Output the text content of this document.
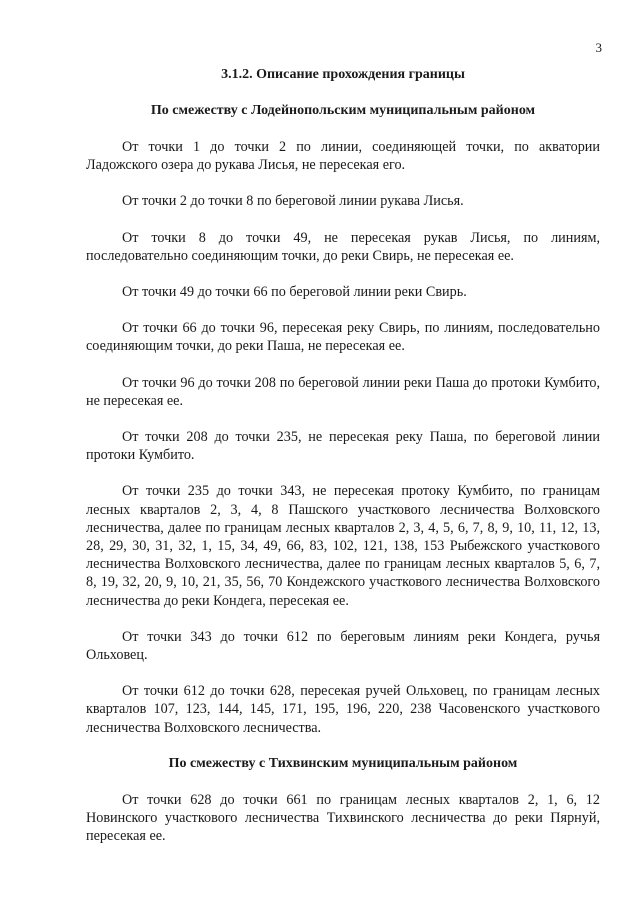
3
3.1.2. Описание прохождения границы
По смежеству с Лодейнопольским муниципальным районом

От точки 1 до точки 2 по линии, соединяющей точки, по акватории Ладожского озера до рукава Лисья, не пересекая его.

От точки 2 до точки 8 по береговой линии рукава Лисья.

От точки 8 до точки 49, не пересекая рукав Лисья, по линиям, последовательно соединяющим точки, до реки Свирь, не пересекая ее.

От точки 49 до точки 66 по береговой линии реки Свирь.

От точки 66 до точки 96, пересекая реку Свирь, по линиям, последовательно соединяющим точки, до реки Паша, не пересекая ее.

От точки 96 до точки 208 по береговой линии реки Паша до протоки Кумбито, не пересекая ее.

От точки 208 до точки 235, не пересекая реку Паша, по береговой линии протоки Кумбито.

От точки 235 до точки 343, не пересекая протоку Кумбито, по границам лесных кварталов 2, 3, 4, 8 Пашского участкового лесничества Волховского лесничества, далее по границам лесных кварталов 2, 3, 4, 5, 6, 7, 8, 9, 10, 11, 12, 13, 28, 29, 30, 31, 32, 1, 15, 34, 49, 66, 83, 102, 121, 138, 153 Рыбежского участкового лесничества Волховского лесничества, далее по границам лесных кварталов 5, 6, 7, 8, 19, 32, 20, 9, 10, 21, 35, 56, 70 Кондежского участкового лесничества Волховского лесничества до реки Кондега, пересекая ее.

От точки 343 до точки 612 по береговым линиям реки Кондега, ручья Ольховец.

От точки 612 до точки 628, пересекая ручей Ольховец, по границам лесных кварталов 107, 123, 144, 145, 171, 195, 196, 220, 238 Часовенского участкового лесничества Волховского лесничества.

По смежеству с Тихвинским муниципальным районом

От точки 628 до точки 661 по границам лесных кварталов 2, 1, 6, 12 Новинского участкового лесничества Тихвинского лесничества до реки Пярнуй, пересекая ее.
